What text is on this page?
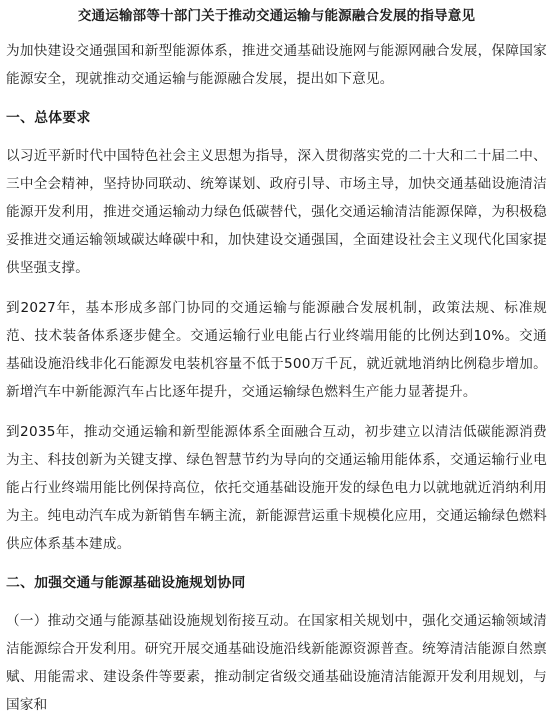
交通运输部等十部门关于推动交通运输与能源融合发展的指导意见

为加快建设交通强国和新型能源体系，推进交通基础设施网与能源网融合发展，保障国家能源安全，现就推动交通运输与能源融合发展，提出如下意见。

一、总体要求

以习近平新时代中国特色社会主义思想为指导，深入贯彻落实党的二十大和二十届二中、三中全会精神，坚持协同联动、统筹谋划、政府引导、市场主导，加快交通基础设施清洁能源开发利用，推进交通运输动力绿色低碳替代，强化交通运输清洁能源保障，为积极稳妥推进交通运输领域碳达峰碳中和，加快建设交通强国，全面建设社会主义现代化国家提供坚强支撑。

到2027年，基本形成多部门协同的交通运输与能源融合发展机制，政策法规、标准规范、技术装备体系逐步健全。交通运输行业电能占行业终端用能的比例达到10%。交通基础设施沿线非化石能源发电装机容量不低于500万千瓦，就近就地消纳比例稳步增加。新增汽车中新能源汽车占比逐年提升，交通运输绿色燃料生产能力显著提升。

到2035年，推动交通运输和新型能源体系全面融合互动，初步建立以清洁低碳能源消费为主、科技创新为关键支撑、绿色智慧节约为导向的交通运输用能体系，交通运输行业电能占行业终端用能比例保持高位，依托交通基础设施开发的绿色电力以就地就近消纳利用为主。纯电动汽车成为新销售车辆主流，新能源营运重卡规模化应用，交通运输绿色燃料供应体系基本建成。

二、加强交通与能源基础设施规划协同

（一）推动交通与能源基础设施规划衔接互动。在国家相关规划中，强化交通运输领域清洁能源综合开发利用。研究开展交通基础设施沿线新能源资源普查。统筹清洁能源自然禀赋、用能需求、建设条件等要素，推动制定省级交通基础设施清洁能源开发利用规划，与国家和
